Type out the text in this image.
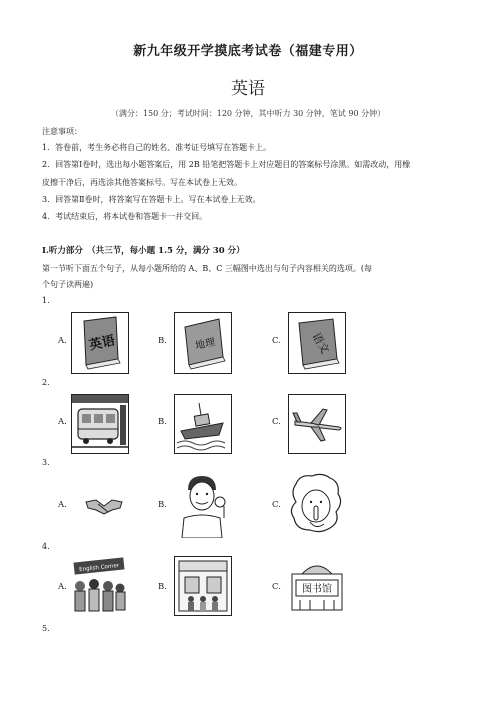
新九年级开学摸底考试卷（福建专用）
英语
（满分：150 分；考试时间：120 分钟，其中听力 30 分钟，笔试 90 分钟）
注意事项：
1．答卷前，考生务必将自己的姓名、准考证号填写在答题卡上。
2．回答第Ⅰ卷时，选出每小题答案后，用 2B 铅笔把答题卡上对应题目的答案标号涂黑。如需改动，用橡
皮擦干净后，再选涂其他答案标号。写在本试卷上无效。
3．回答第Ⅱ卷时，将答案写在答题卡上。写在本试卷上无效。
4．考试结束后，将本试卷和答题卡一并交回。
I.听力部分　（共三节，每小题 1.5 分，满分 30 分）
第一节听下面五个句子，从每小题所给的 A、B、C 三幅图中选出与句子内容相关的选项。(每
个句子读两遍)
1.
A.	B.	C.
英语	地理	语文
2.
A.	B.	C.
3.
A.	B.	C.
4.
A.	B.	C.
English Corner
图书馆
5.
